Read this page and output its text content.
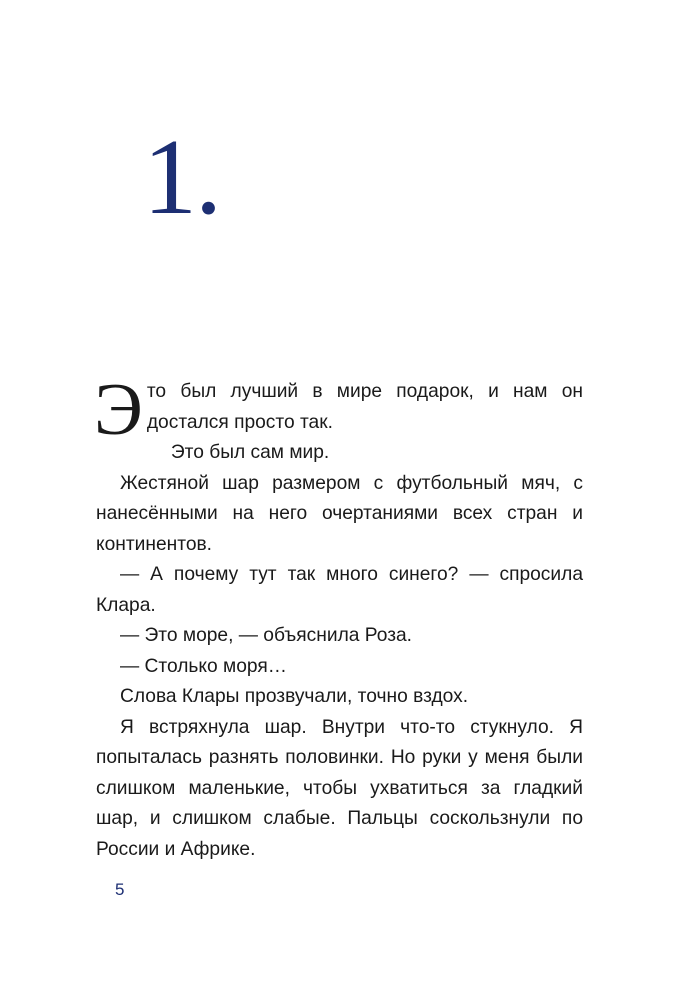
1.

Это был лучший в мире подарок, и нам он достался просто так.

Это был сам мир.

Жестяной шар размером с футбольный мяч, с нанесёнными на него очертаниями всех стран и континентов.

— А почему тут так много синего? — спросила Клара.

— Это море, — объяснила Роза.

— Столько моря…

Слова Клары прозвучали, точно вздох.

Я встряхнула шар. Внутри что-то стукнуло. Я попыталась разнять половинки. Но руки у меня были слишком маленькие, чтобы ухватиться за гладкий шар, и слишком слабые. Пальцы соскользнули по России и Африке.

5
